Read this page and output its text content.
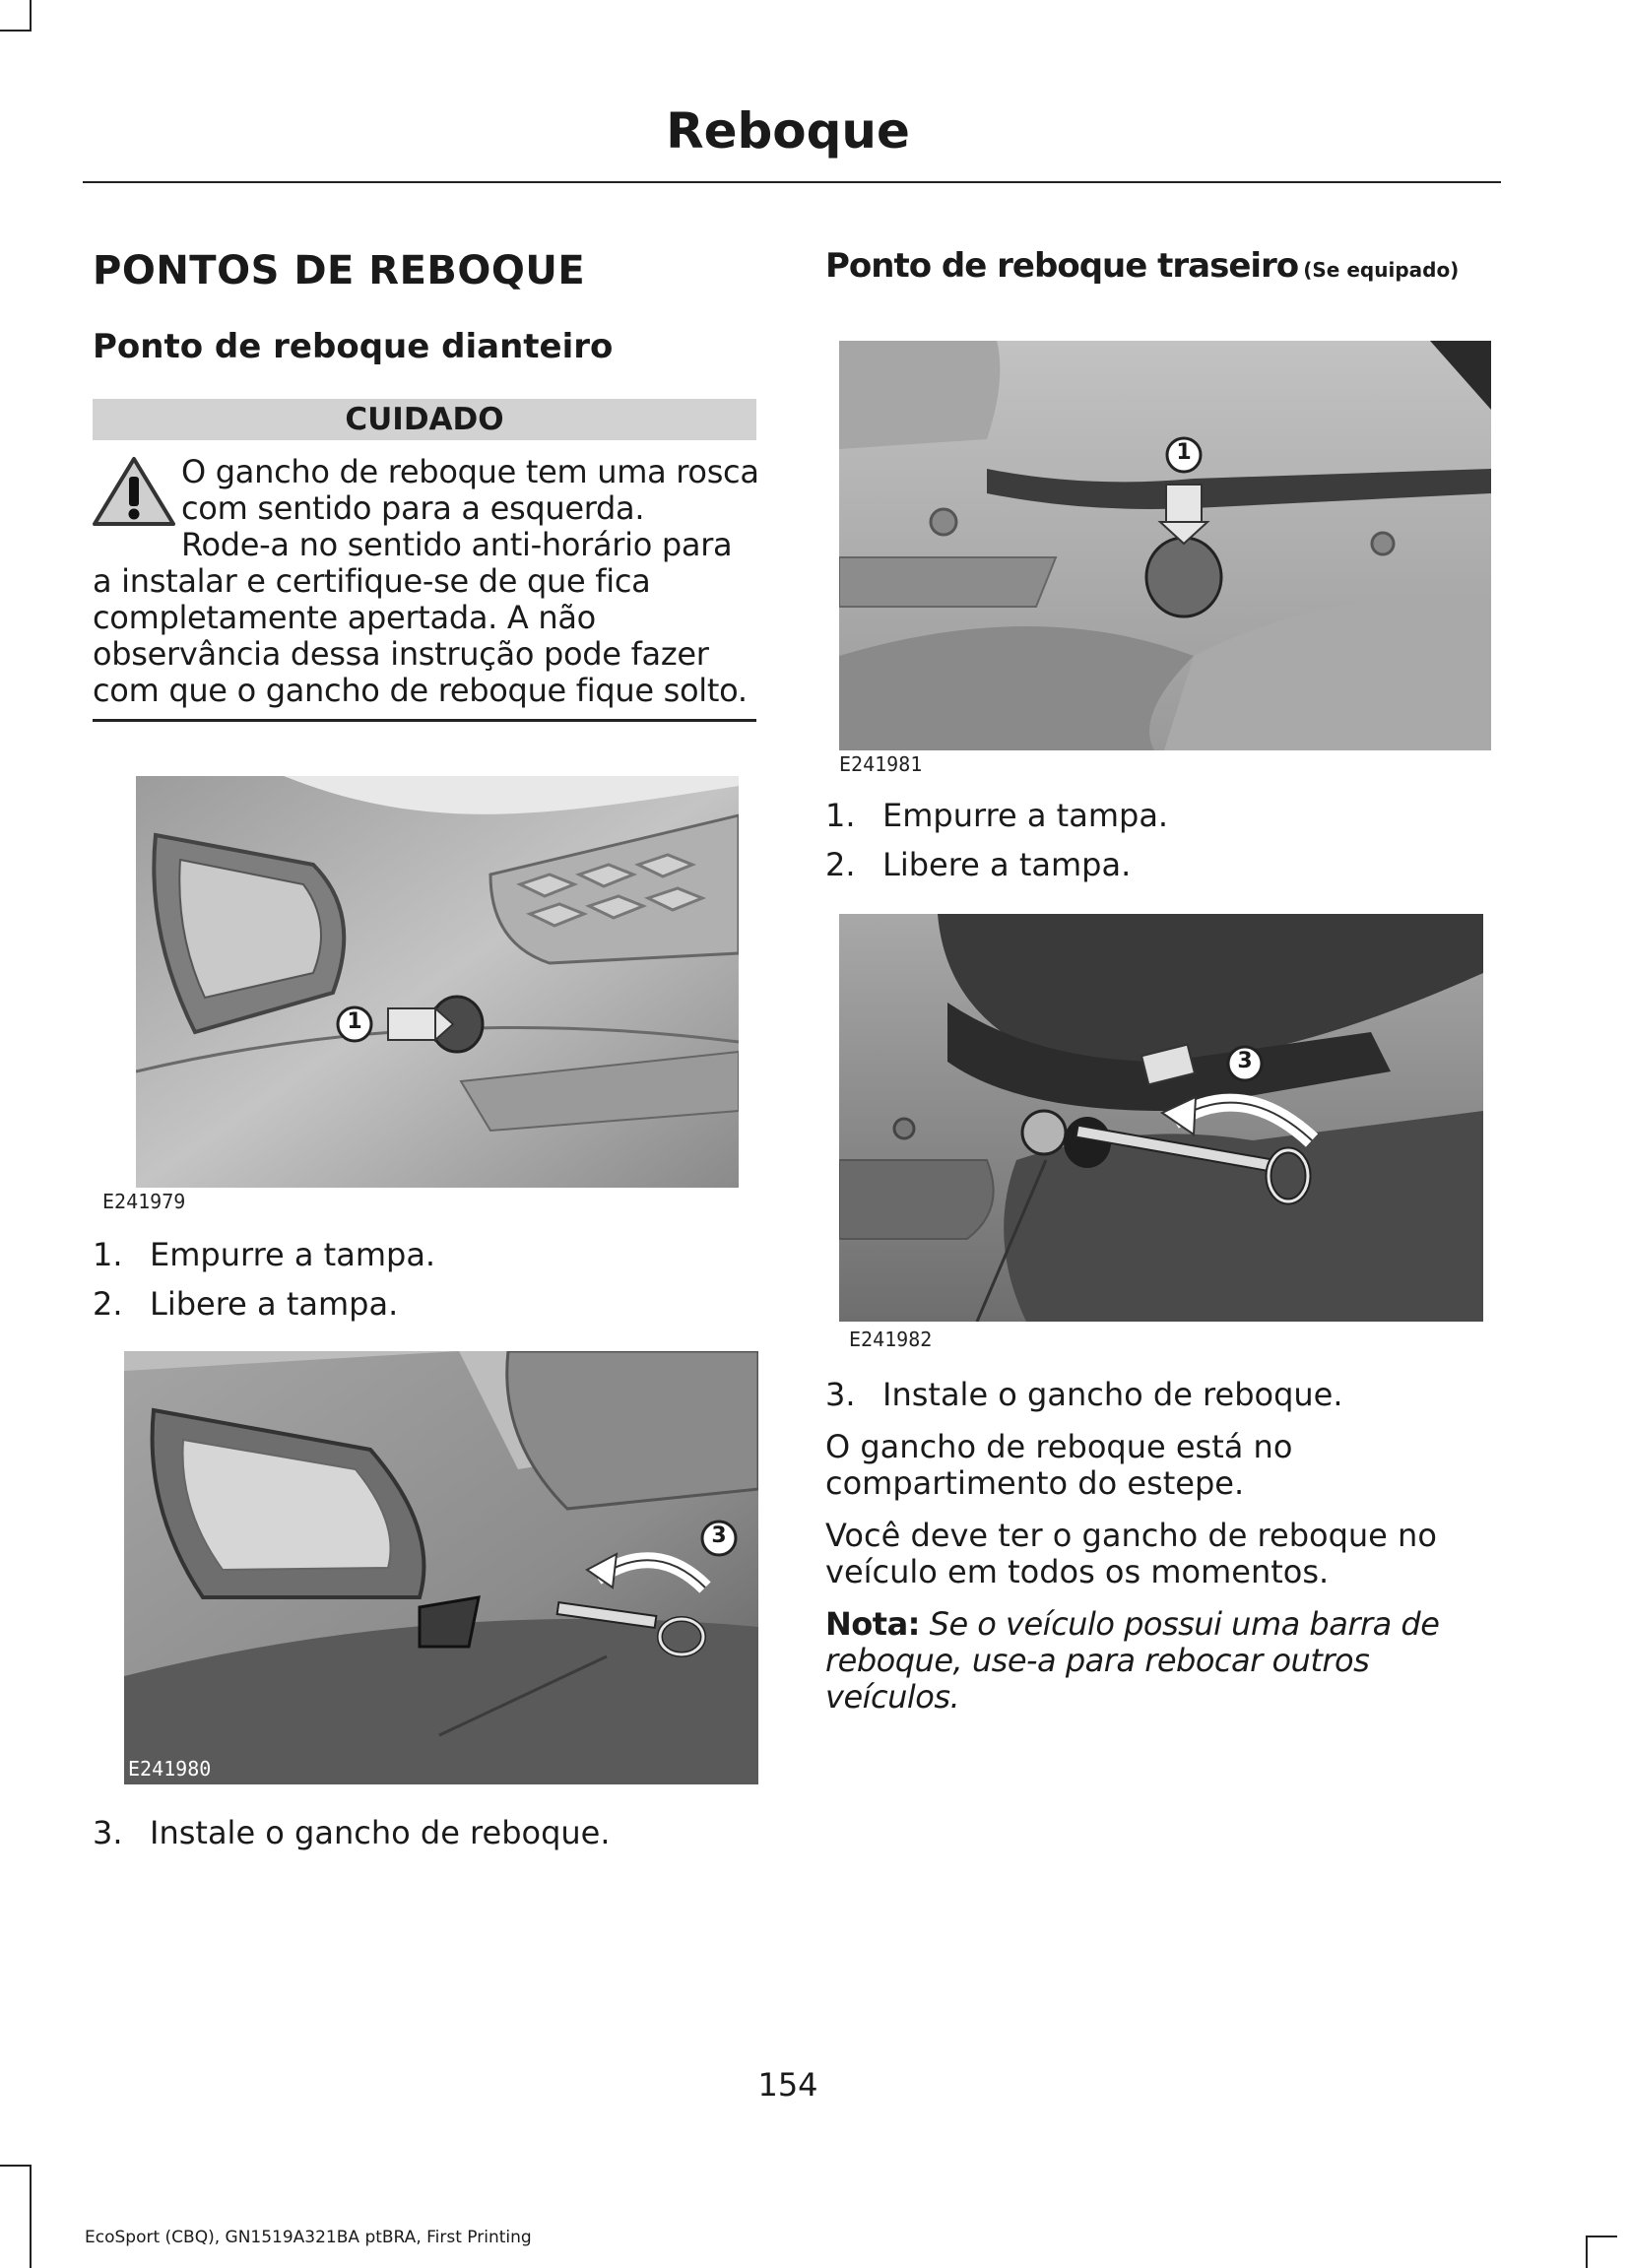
Reboque
PONTOS DE REBOQUE
Ponto de reboque dianteiro
CUIDADO
O gancho de reboque tem uma rosca
com sentido para a esquerda.
Rode-a no sentido anti-horário para
a instalar e certifique-se de que fica
completamente apertada. A não
observância dessa instrução pode fazer
com que o gancho de reboque fique solto.
1
E241979
1. Empurre a tampa.
2. Libere a tampa.
3
E241980
3. Instale o gancho de reboque.
Ponto de reboque traseiro (Se equipado)
1
E241981
1. Empurre a tampa.
2. Libere a tampa.
3
E241982
3. Instale o gancho de reboque.
O gancho de reboque está no
compartimento do estepe.
Você deve ter o gancho de reboque no
veículo em todos os momentos.
Nota: Se o veículo possui uma barra de
reboque, use-a para rebocar outros veículos.
154
EcoSport (CBQ), GN1519A321BA ptBRA, First Printing
